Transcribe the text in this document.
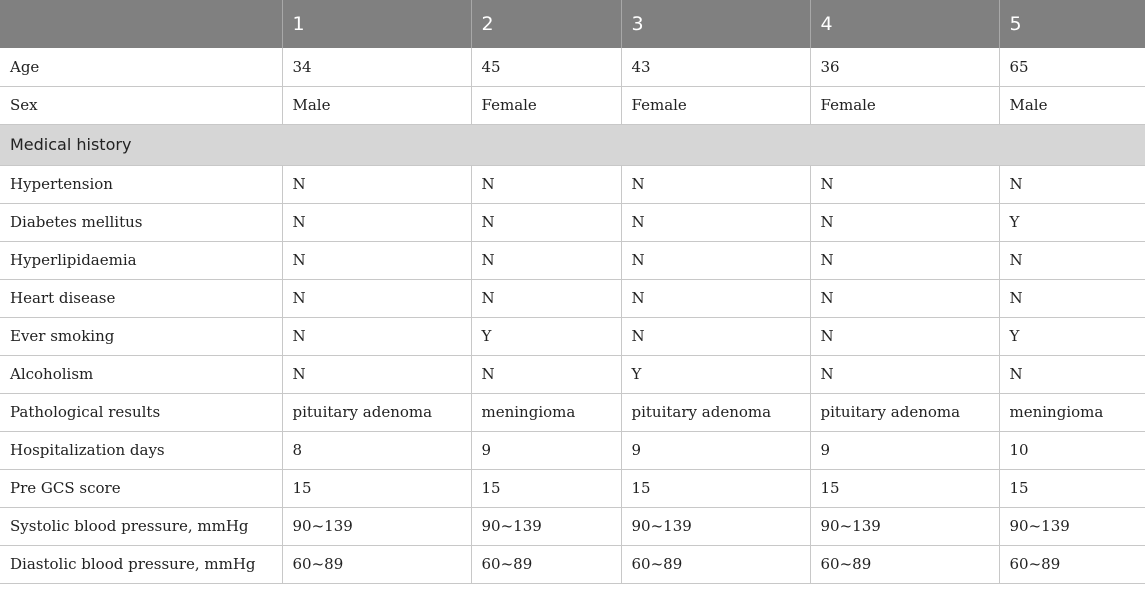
	1	2	3	4	5
Age	34	45	43	36	65
Sex	Male	Female	Female	Female	Male
Medical history					
Hypertension	N	N	N	N	N
Diabetes mellitus	N	N	N	N	Y
Hyperlipidaemia	N	N	N	N	N
Heart disease	N	N	N	N	N
Ever smoking	N	Y	N	N	Y
Alcoholism	N	N	Y	N	N
Pathological results	pituitary adenoma	meningioma	pituitary adenoma	pituitary adenoma	meningioma
Hospitalization days	8	9	9	9	10
Pre GCS score	15	15	15	15	15
Systolic blood pressure, mmHg	90~139	90~139	90~139	90~139	90~139
Diastolic blood pressure, mmHg	60~89	60~89	60~89	60~89	60~89
